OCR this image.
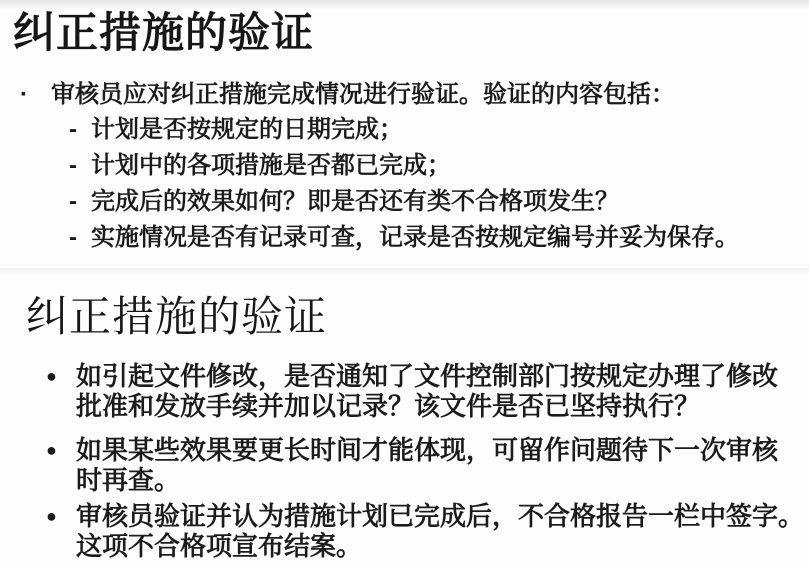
纠正措施的验证
· 审核员应对纠正措施完成情况进行验证。验证的内容包括：
- 计划是否按规定的日期完成；
- 计划中的各项措施是否都已完成；
- 完成后的效果如何？即是否还有类不合格项发生？
- 实施情况是否有记录可查，记录是否按规定编号并妥为保存。
纠正措施的验证
● 如引起文件修改，是否通知了文件控制部门按规定办理了修改
批准和发放手续并加以记录？该文件是否已坚持执行？
● 如果某些效果要更长时间才能体现，可留作问题待下一次审核
时再查。
● 审核员验证并认为措施计划已完成后，不合格报告一栏中签字。
这项不合格项宣布结案。
